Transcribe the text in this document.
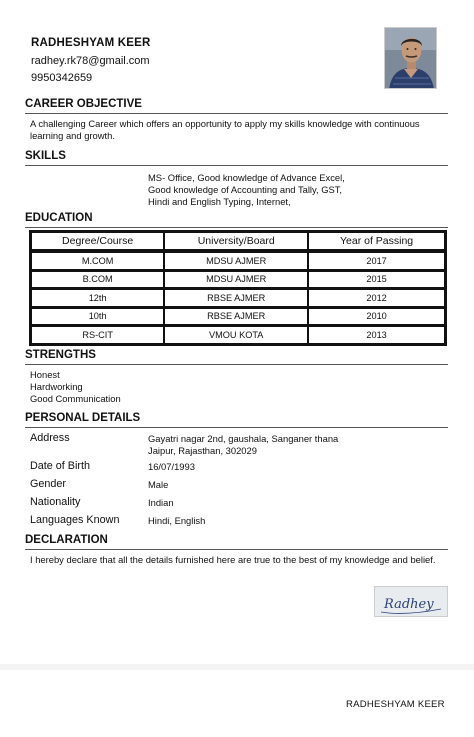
RADHESHYAM KEER
radhey.rk78@gmail.com
9950342659
CAREER OBJECTIVE
A challenging Career which offers an opportunity to apply my skills knowledge with continuous learning and growth.
SKILLS
MS- Office, Good knowledge of Advance Excel,
Good knowledge of Accounting and Tally, GST,
Hindi and English Typing, Internet,
EDUCATION
Degree/Course	University/Board	Year of Passing
M.COM	MDSU AJMER	2017
B.COM	MDSU AJMER	2015
12th	RBSE AJMER	2012
10th	RBSE AJMER	2010
RS-CIT	VMOU KOTA	2013
STRENGTHS
Honest
Hardworking
Good Communication
PERSONAL DETAILS
Address	Gayatri nagar 2nd, gaushala, Sanganer thana
Jaipur, Rajasthan, 302029
Date of Birth	16/07/1993
Gender	Male
Nationality	Indian
Languages Known	Hindi, English
DECLARATION
I hereby declare that all the details furnished here are true to the best of my knowledge and belief.
Radhey
RADHESHYAM KEER
